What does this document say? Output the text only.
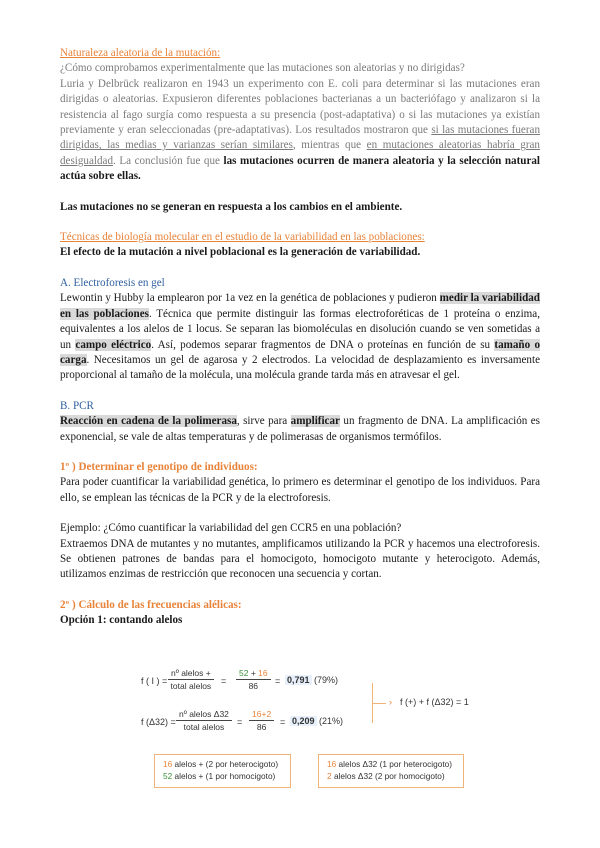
Naturaleza aleatoria de la mutación:

¿Cómo comprobamos experimentalmente que las mutaciones son aleatorias y no dirigidas?

Luria y Delbrück realizaron en 1943 un experimento con E. coli para determinar si las mutaciones eran dirigidas o aleatorias. Expusieron diferentes poblaciones bacterianas a un bacteriófago y analizaron si la resistencia al fago surgía como respuesta a su presencia (post-adaptativa) o si las mutaciones ya existían previamente y eran seleccionadas (pre-adaptativas). Los resultados mostraron que si las mutaciones fueran dirigidas, las medias y varianzas serían similares, mientras que en mutaciones aleatorias habría gran desigualdad. La conclusión fue que las mutaciones ocurren de manera aleatoria y la selección natural actúa sobre ellas.

Las mutaciones no se generan en respuesta a los cambios en el ambiente.

Técnicas de biología molecular en el estudio de la variabilidad en las poblaciones:

El efecto de la mutación a nivel poblacional es la generación de variabilidad.

A. Electroforesis en gel

Lewontin y Hubby la emplearon por 1a vez en la genética de poblaciones y pudieron medir la variabilidad en las poblaciones. Técnica que permite distinguir las formas electroforéticas de 1 proteína o enzima, equivalentes a los alelos de 1 locus. Se separan las biomoléculas en disolución cuando se ven sometidas a un campo eléctrico. Así, podemos separar fragmentos de DNA o proteínas en función de su tamaño o carga. Necesitamos un gel de agarosa y 2 electrodos. La velocidad de desplazamiento es inversamente proporcional al tamaño de la molécula, una molécula grande tarda más en atravesar el gel.

B. PCR

Reacción en cadena de la polimerasa, sirve para amplificar un fragmento de DNA. La amplificación es exponencial, se vale de altas temperaturas y de polimerasas de organismos termófilos.

1º ) Determinar el genotipo de individuos:

Para poder cuantificar la variabilidad genética, lo primero es determinar el genotipo de los individuos. Para ello, se emplean las técnicas de la PCR y de la electroforesis.

Ejemplo: ¿Cómo cuantificar la variabilidad del gen CCR5 en una población?

Extraemos DNA de mutantes y no mutantes, amplificamos utilizando la PCR y hacemos una electroforesis. Se obtienen patrones de bandas para el homocigoto, homocigoto mutante y heterocigoto. Además, utilizamos enzimas de restricción que reconocen una secuencia y cortan.

2º ) Cálculo de las frecuencias alélicas:

Opción 1: contando alelos

f ( I ) =
nº alelos +
total alelos = $\frac{52 + 16}{86} = 0,791$ (79%)
f (Δ32) =
nº alelos Δ32
total alelos	= $\frac{16+2}{86} = 0,209$ (21%)
› f (+) + f (Δ32) = 1
16 alelos + (2 por heterocigoto)
52 alelos + (1 por homocigoto)
16 alelos Δ32 (1 por heterocigoto)
2 alelos Δ32 (2 por homocigoto)
